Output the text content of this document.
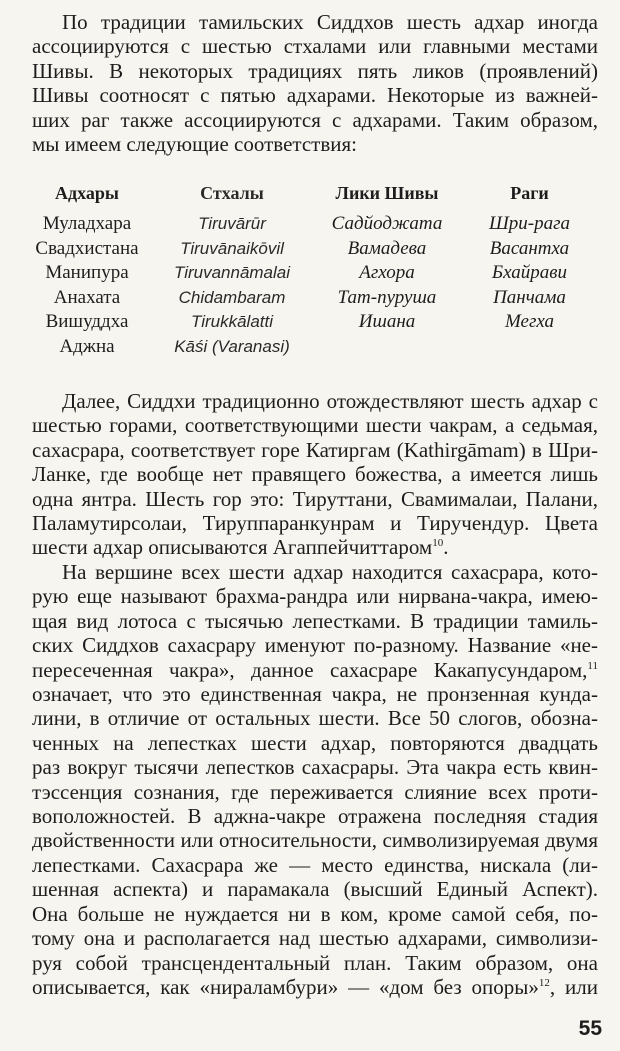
По традиции тамильских Сиддхов шесть адхар иногда
ассоциируются с шестью стхалами или главными местами
Шивы. В некоторых традициях пять ликов (проявлений)
Шивы соотносят с пятью адхарами. Некоторые из важней-
ших раг также ассоциируются с адхарами. Таким образом,
мы имеем следующие соответствия:
Адхары	Стхалы	Лики Шивы	Раги
Муладхара	Tiruvārūr	Садйоджата	Шри-рага
Свадхистана	Tiruvānaikōvil	Вамадева	Васантха
Манипура	Tiruvannāmalai	Агхора	Бхайрави
Анахата	Chidambaram	Тат-пуруша	Панчама
Вишуддха	Tirukkālatti	Ишана	Мегха
Аджна	Kāśi (Varanasi)		
Далее, Сиддхи традиционно отождествляют шесть адхар с
шестью горами, соответствующими шести чакрам, а седьмая,
сахасрара, соответствует горе Катиргам (Kathirgāmam) в Шри-
Ланке, где вообще нет правящего божества, а имеется лишь
одна янтра. Шесть гор это: Тируттани, Свамималаи, Палани,
Паламутирсолаи, Тируппаранкунрам и Тиручендур. Цвета
шести адхар описываются Агаппейчиттаром$^{10}$.
На вершине всех шести адхар находится сахасрара, кото-
рую еще называют брахма-рандра или нирвана-чакра, имею-
щая вид лотоса с тысячью лепестками. В традиции тамиль-
ских Сиддхов сахасрару именуют по-разному. Название «не-
пересеченная чакра», данное сахасраре Какапусундаром,$^{11}$
означает, что это единственная чакра, не пронзенная кунда-
лини, в отличие от остальных шести. Все 50 слогов, обозна-
ченных на лепестках шести адхар, повторяются двадцать
раз вокруг тысячи лепестков сахасрары. Эта чакра есть квин-
тэссенция сознания, где переживается слияние всех проти-
воположностей. В аджна-чакре отражена последняя стадия
двойственности или относительности, символизируемая двумя
лепестками. Сахасрара же — место единства, нискала (ли-
шенная аспекта) и парамакала (высший Единый Аспект).
Она больше не нуждается ни в ком, кроме самой себя, по-
тому она и располагается над шестью адхарами, символизи-
руя собой трансцендентальный план. Таким образом, она
описывается, как «нираламбури» — «дом без опоры»$^{12}$, или
55
